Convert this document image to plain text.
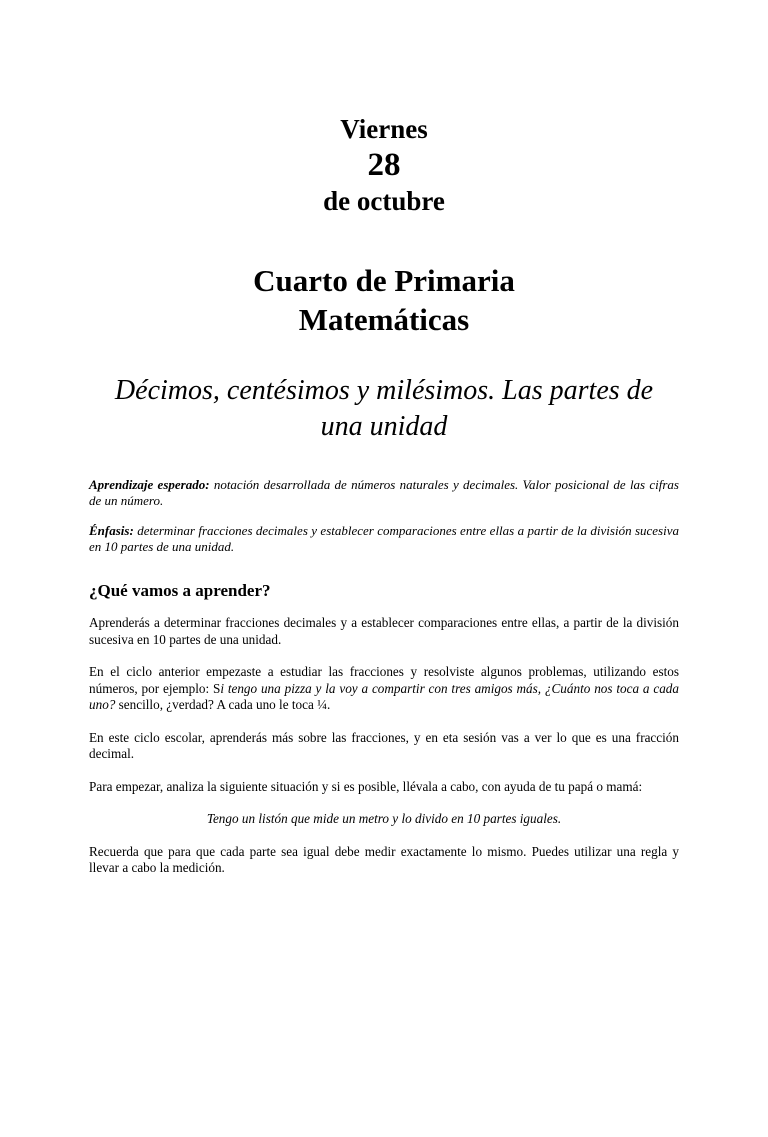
Viernes
28
de octubre
Cuarto de Primaria
Matemáticas
Décimos, centésimos y milésimos. Las partes de
una unidad

Aprendizaje esperado: notación desarrollada de números naturales y decimales. Valor posicional de las cifras de un número.

Énfasis: determinar fracciones decimales y establecer comparaciones entre ellas a partir de la división sucesiva en 10 partes de una unidad.

¿Qué vamos a aprender?

Aprenderás a determinar fracciones decimales y a establecer comparaciones entre ellas, a partir de la división sucesiva en 10 partes de una unidad.

En el ciclo anterior empezaste a estudiar las fracciones y resolviste algunos problemas, utilizando estos números, por ejemplo: Si tengo una pizza y la voy a compartir con tres amigos más, ¿Cuánto nos toca a cada uno? sencillo, ¿verdad? A cada uno le toca ¼.

En este ciclo escolar, aprenderás más sobre las fracciones, y en eta sesión vas a ver lo que es una fracción decimal.

Para empezar, analiza la siguiente situación y si es posible, llévala a cabo, con ayuda de tu papá o mamá:

Tengo un listón que mide un metro y lo divido en 10 partes iguales.

Recuerda que para que cada parte sea igual debe medir exactamente lo mismo. Puedes utilizar una regla y llevar a cabo la medición.
